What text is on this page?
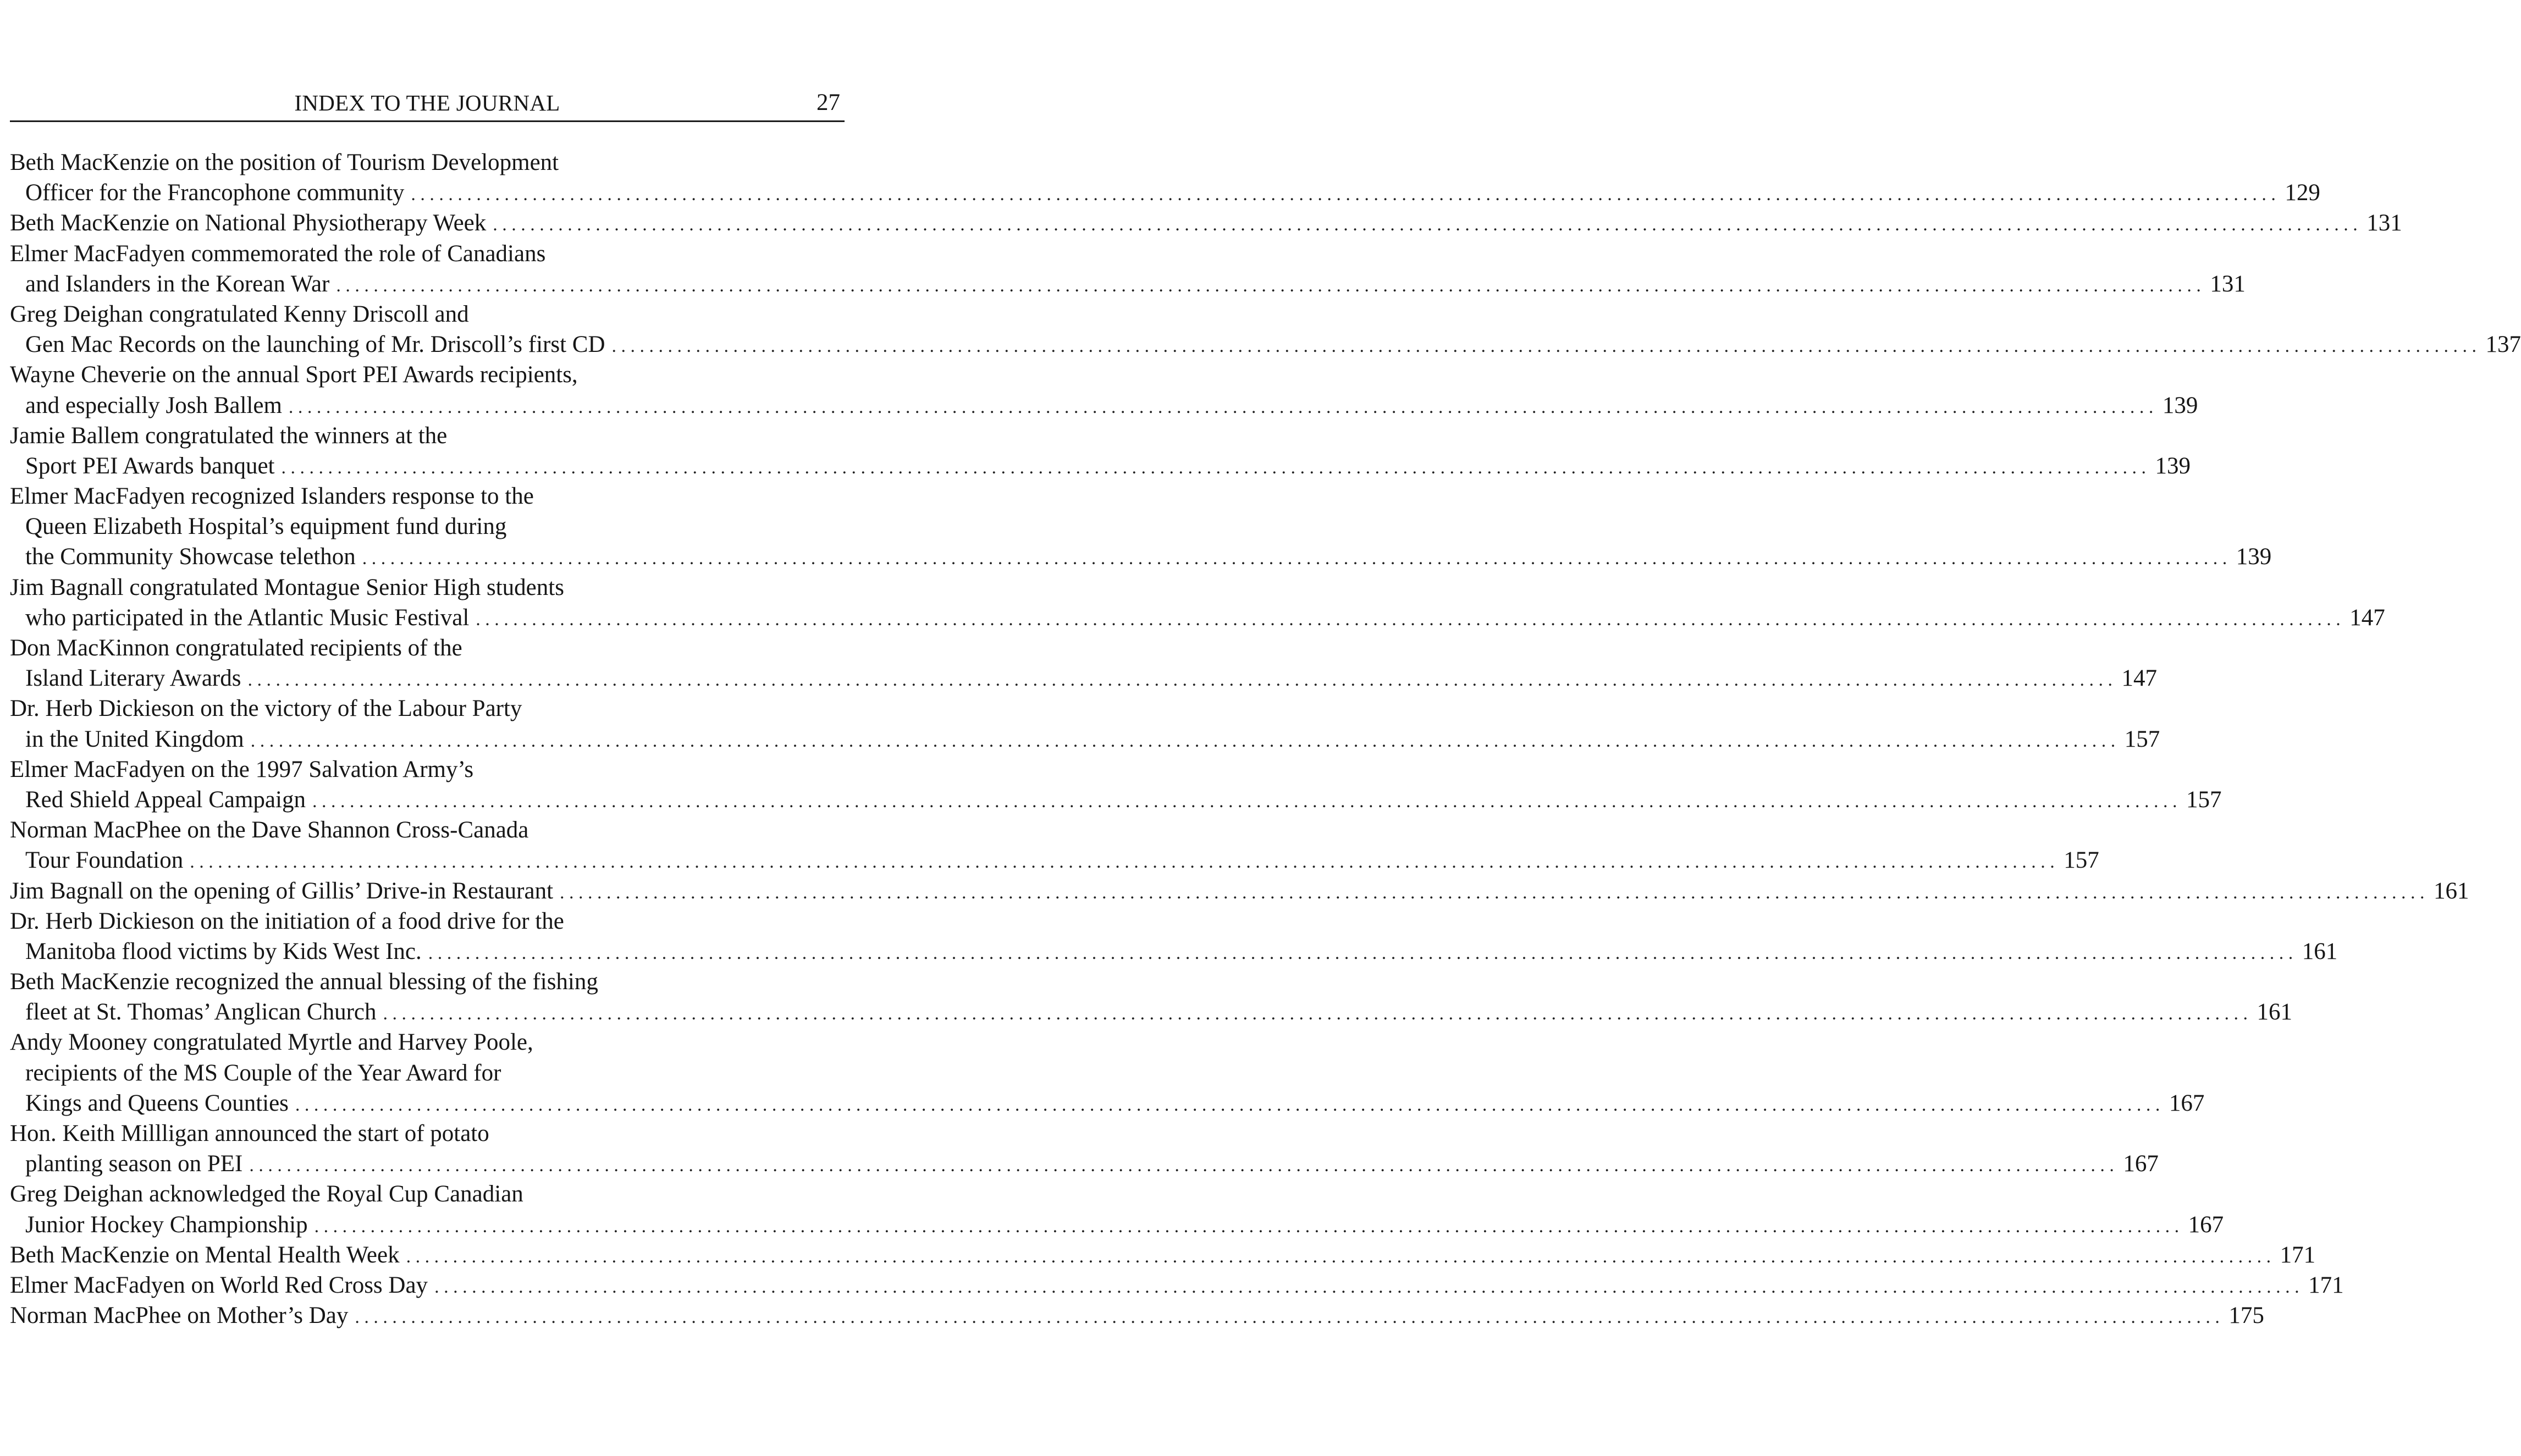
INDEX TO THE JOURNAL	27
Beth MacKenzie on the position of Tourism Development
Officer for the Francophone community ........................................................................................................................................................................................................ 129
Beth MacKenzie on National Physiotherapy Week ........................................................................................................................................................................................................ 131
Elmer MacFadyen commemorated the role of Canadians
and Islanders in the Korean War ........................................................................................................................................................................................................ 131
Greg Deighan congratulated Kenny Driscoll and
Gen Mac Records on the launching of Mr. Driscoll’s first CD ........................................................................................................................................................................................................ 137
Wayne Cheverie on the annual Sport PEI Awards recipients,
and especially Josh Ballem ........................................................................................................................................................................................................ 139
Jamie Ballem congratulated the winners at the
Sport PEI Awards banquet ........................................................................................................................................................................................................ 139
Elmer MacFadyen recognized Islanders response to the
Queen Elizabeth Hospital’s equipment fund during
the Community Showcase telethon ........................................................................................................................................................................................................ 139
Jim Bagnall congratulated Montague Senior High students
who participated in the Atlantic Music Festival ........................................................................................................................................................................................................ 147
Don MacKinnon congratulated recipients of the
Island Literary Awards ........................................................................................................................................................................................................ 147
Dr. Herb Dickieson on the victory of the Labour Party
in the United Kingdom ........................................................................................................................................................................................................ 157
Elmer MacFadyen on the 1997 Salvation Army’s
Red Shield Appeal Campaign ........................................................................................................................................................................................................ 157
Norman MacPhee on the Dave Shannon Cross-Canada
Tour Foundation ........................................................................................................................................................................................................ 157
Jim Bagnall on the opening of Gillis’ Drive-in Restaurant ........................................................................................................................................................................................................ 161
Dr. Herb Dickieson on the initiation of a food drive for the
Manitoba flood victims by Kids West Inc. ........................................................................................................................................................................................................ 161
Beth MacKenzie recognized the annual blessing of the fishing
fleet at St. Thomas’ Anglican Church ........................................................................................................................................................................................................ 161
Andy Mooney congratulated Myrtle and Harvey Poole,
recipients of the MS Couple of the Year Award for
Kings and Queens Counties ........................................................................................................................................................................................................ 167
Hon. Keith Millligan announced the start of potato
planting season on PEI ........................................................................................................................................................................................................ 167
Greg Deighan acknowledged the Royal Cup Canadian
Junior Hockey Championship ........................................................................................................................................................................................................ 167
Beth MacKenzie on Mental Health Week ........................................................................................................................................................................................................ 171
Elmer MacFadyen on World Red Cross Day ........................................................................................................................................................................................................ 171
Norman MacPhee on Mother’s Day ........................................................................................................................................................................................................ 175
